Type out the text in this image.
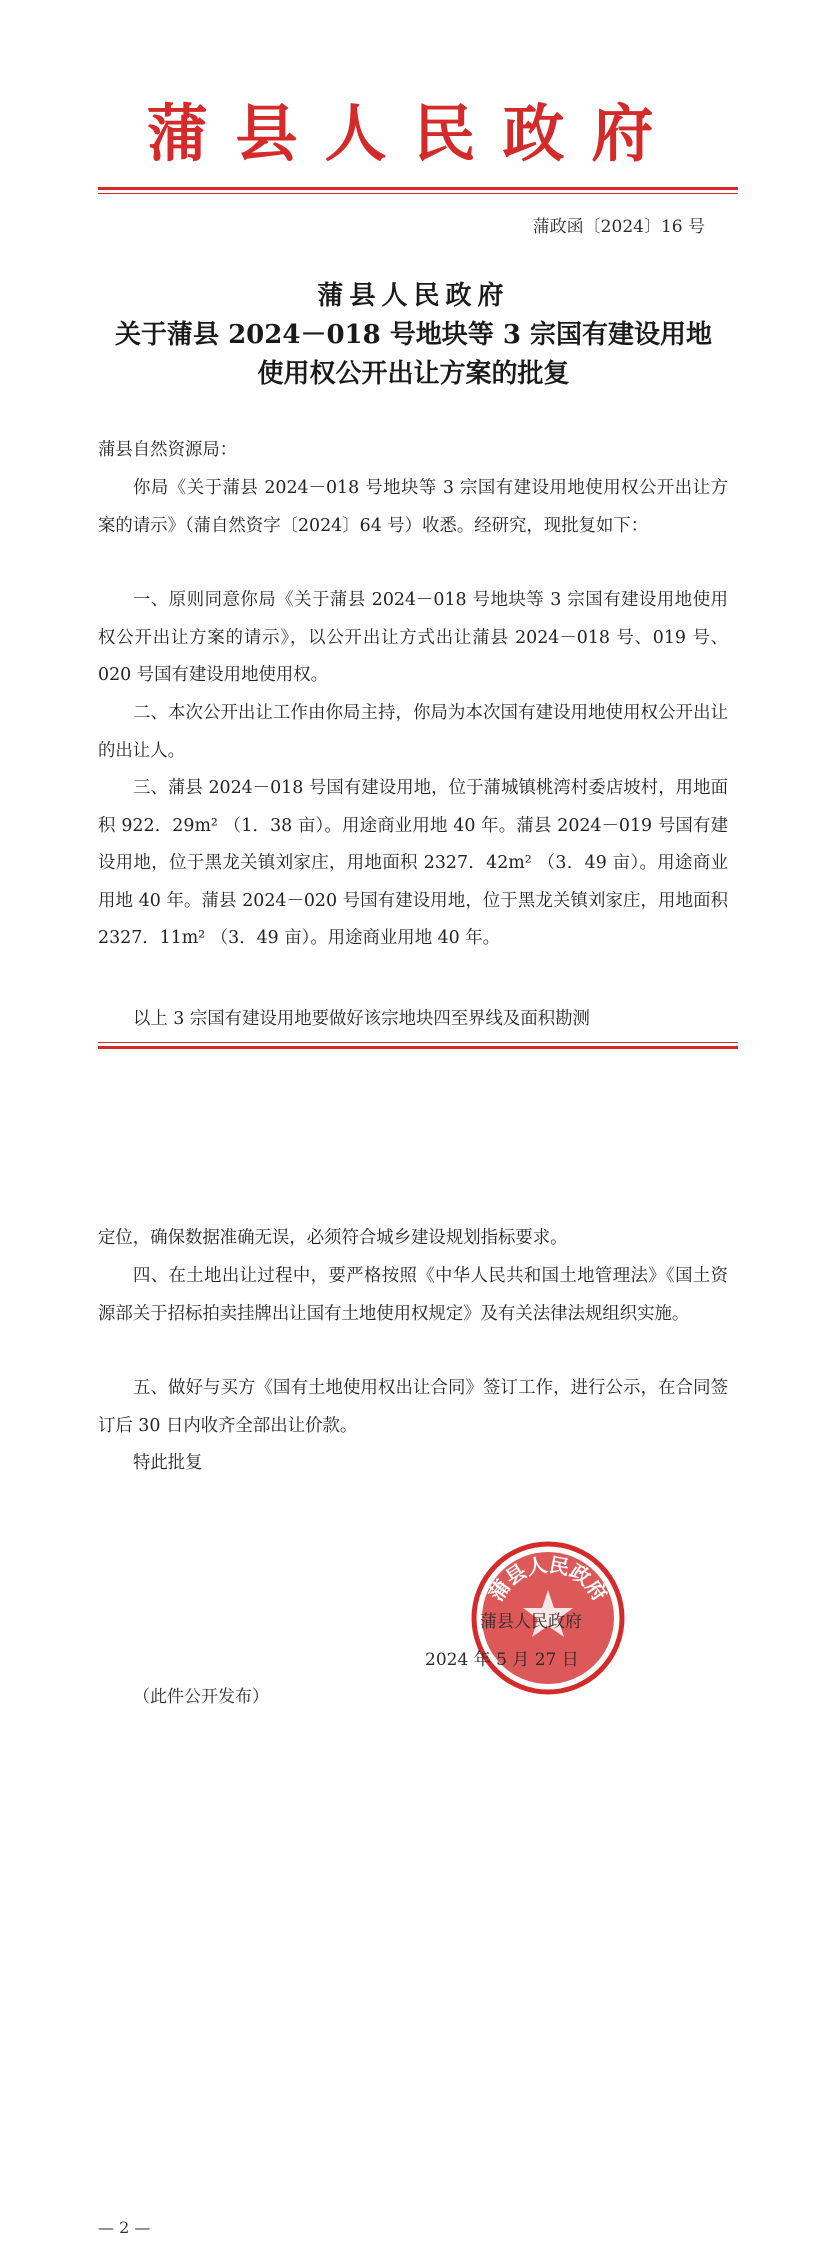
蒲县人民政府
蒲政函〔2024〕16 号
蒲县人民政府
关于蒲县 2024－018 号地块等 3 宗国有建设用地
使用权公开出让方案的批复
蒲县自然资源局：
你局《关于蒲县 2024－018 号地块等 3 宗国有建设用地使用权公开出让方案的请示》（蒲自然资字〔2024〕64 号）收悉。经研究，现批复如下：
一、原则同意你局《关于蒲县 2024－018 号地块等 3 宗国有建设用地使用权公开出让方案的请示》，以公开出让方式出让蒲县 2024－018 号、019 号、020 号国有建设用地使用权。
二、本次公开出让工作由你局主持，你局为本次国有建设用地使用权公开出让的出让人。
三、蒲县 2024－018 号国有建设用地，位于蒲城镇桃湾村委店坡村，用地面积 922．29m² （1．38 亩）。用途商业用地 40 年。蒲县 2024－019 号国有建设用地，位于黑龙关镇刘家庄，用地面积 2327．42m² （3．49 亩）。用途商业用地 40 年。蒲县 2024－020 号国有建设用地，位于黑龙关镇刘家庄，用地面积 2327．11m² （3．49 亩）。用途商业用地 40 年。
以上 3 宗国有建设用地要做好该宗地块四至界线及面积勘测
定位，确保数据准确无误，必须符合城乡建设规划指标要求。
四、在土地出让过程中，要严格按照《中华人民共和国土地管理法》《国土资源部关于招标拍卖挂牌出让国有土地使用权规定》及有关法律法规组织实施。
五、做好与买方《国有土地使用权出让合同》签订工作，进行公示，在合同签订后 30 日内收齐全部出让价款。
特此批复
蒲县人民政府
蒲县人民政府
2024 年 5 月 27 日
（此件公开发布）
— 2 —
